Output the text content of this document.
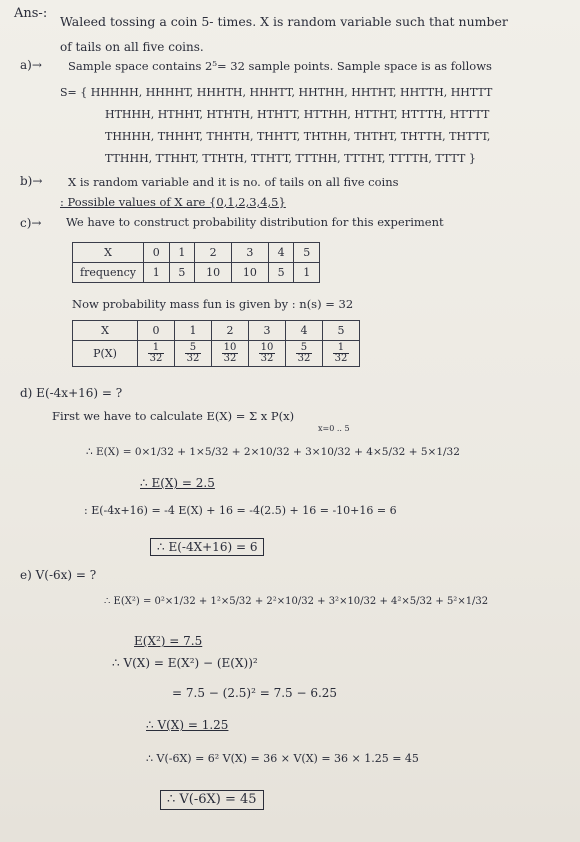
Ans-:
Waleed tossing a coin 5- times. X is random variable such that number
of tails on all five coins.
a)→ Sample space contains 2⁵= 32 sample points. Sample space is as follows
S= { HHHHH, HHHHT, HHHTH, HHHTT, HHTHH, HHTHT, HHTTH, HHTTT
HTHHH, HTHHT, HTHTH, HTHTT, HTTHH, HTTHT, HTTTH, HTTTT
THHHH, THHHT, THHTH, THHTT, THTHH, THTHT, THTTH, THTTT,
TTHHH, TTHHT, TTHTH, TTHTT, TTTHH, TTTHT, TTTTH, TTTT }
b)→ X is random variable and it is no. of tails on all five coins
: Possible values of X are {0,1,2,3,4,5}
c)→ We have to construct probability distribution for this experiment
X	0	1	2	3	4	5
frequency	1	5	10	10	5	1
Now probability mass fun is given by : n(s) = 32
X	0	1	2	3	4	5
P(X)	$\frac{1}{32}$	$\frac{5}{32}$	$\frac{10}{32}$	$\frac{10}{32}$	$\frac{5}{32}$	$\frac{1}{32}$
d) E(-4x+16) = ?
First we have to calculate E(X) = Σ x P(x)
x=0 .. 5
∴ E(X) = 0×1/32 + 1×5/32 + 2×10/32 + 3×10/32 + 4×5/32 + 5×1/32
∴ E(X) = 2.5
: E(-4x+16) = -4 E(X) + 16 = -4(2.5) + 16 = -10+16 = 6
∴ E(-4X+16) = 6
e) V(-6x) = ?
∴ E(X²) = 0²×1/32 + 1²×5/32 + 2²×10/32 + 3²×10/32 + 4²×5/32 + 5²×1/32
E(X²) = 7.5
∴ V(X) = E(X²) − (E(X))²
= 7.5 − (2.5)² = 7.5 − 6.25
∴ V(X) = 1.25
∴ V(-6X) = 6² V(X) = 36 × V(X) = 36 × 1.25 = 45
∴ V(-6X) = 45
